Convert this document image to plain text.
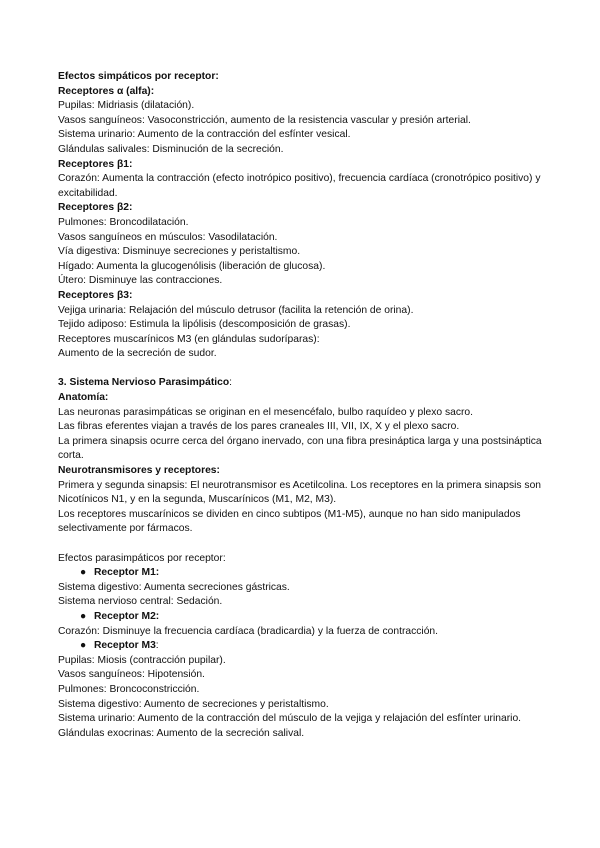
Efectos simpáticos por receptor:
Receptores α (alfa):
Pupilas: Midriasis (dilatación).
Vasos sanguíneos: Vasoconstricción, aumento de la resistencia vascular y presión arterial.
Sistema urinario: Aumento de la contracción del esfínter vesical.
Glándulas salivales: Disminución de la secreción.
Receptores β1:
Corazón: Aumenta la contracción (efecto inotrópico positivo), frecuencia cardíaca (cronotrópico positivo) y excitabilidad.
Receptores β2:
Pulmones: Broncodilatación.
Vasos sanguíneos en músculos: Vasodilatación.
Vía digestiva: Disminuye secreciones y peristaltismo.
Hígado: Aumenta la glucogenólisis (liberación de glucosa).
Útero: Disminuye las contracciones.
Receptores β3:
Vejiga urinaria: Relajación del músculo detrusor (facilita la retención de orina).
Tejido adiposo: Estimula la lipólisis (descomposición de grasas).
Receptores muscarínicos M3 (en glándulas sudoríparas):
Aumento de la secreción de sudor.
3. Sistema Nervioso Parasimpático:
Anatomía:
Las neuronas parasimpáticas se originan en el mesencéfalo, bulbo raquídeo y plexo sacro.
Las fibras eferentes viajan a través de los pares craneales III, VII, IX, X y el plexo sacro.
La primera sinapsis ocurre cerca del órgano inervado, con una fibra presináptica larga y una postsináptica corta.
Neurotransmisores y receptores:
Primera y segunda sinapsis: El neurotransmisor es Acetilcolina. Los receptores en la primera sinapsis son Nicotínicos N1, y en la segunda, Muscarínicos (M1, M2, M3).
Los receptores muscarínicos se dividen en cinco subtipos (M1-M5), aunque no han sido manipulados selectivamente por fármacos.
Efectos parasimpáticos por receptor:
● Receptor M1:
Sistema digestivo: Aumenta secreciones gástricas.
Sistema nervioso central: Sedación.
● Receptor M2:
Corazón: Disminuye la frecuencia cardíaca (bradicardia) y la fuerza de contracción.
● Receptor M3:
Pupilas: Miosis (contracción pupilar).
Vasos sanguíneos: Hipotensión.
Pulmones: Broncoconstricción.
Sistema digestivo: Aumento de secreciones y peristaltismo.
Sistema urinario: Aumento de la contracción del músculo de la vejiga y relajación del esfínter urinario.
Glándulas exocrinas: Aumento de la secreción salival.
